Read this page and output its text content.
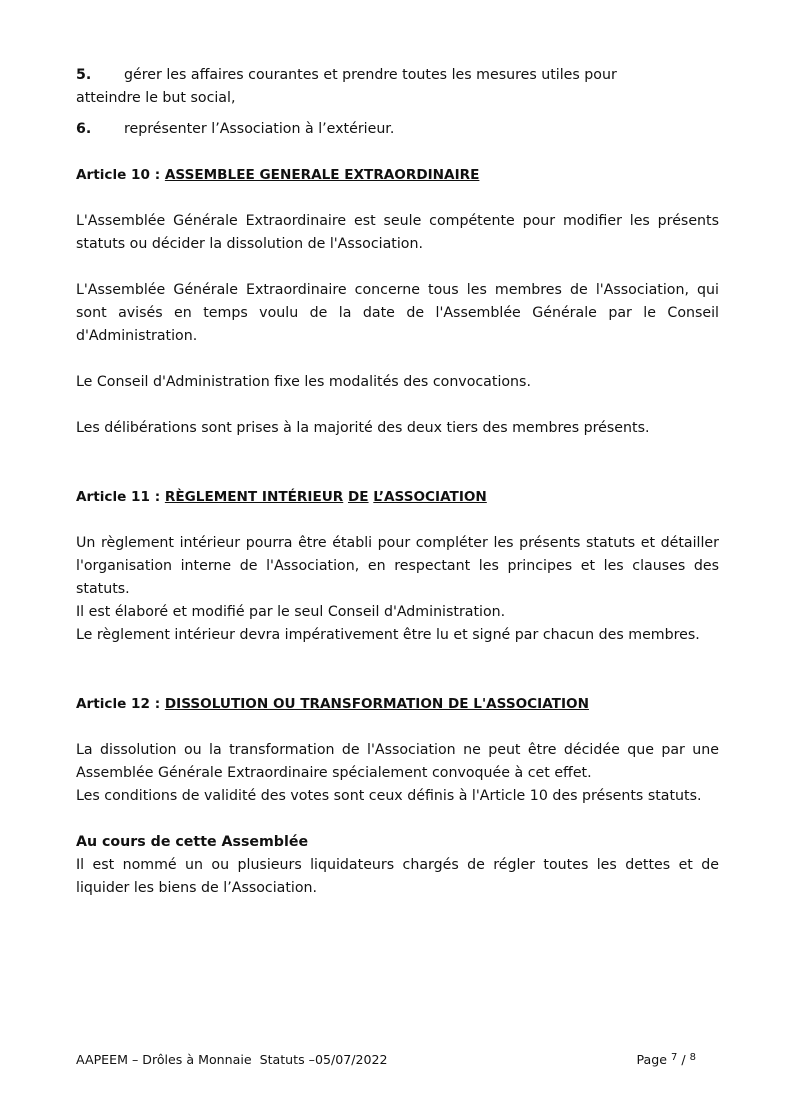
5. gérer les affaires courantes et prendre toutes les mesures utiles pour
atteindre le but social,

6. représenter l’Association à l’extérieur.

Article 10 : ASSEMBLEE GENERALE EXTRAORDINAIRE

L'Assemblée Générale Extraordinaire est seule compétente pour modifier les présents statuts ou décider la dissolution de l'Association.

L'Assemblée Générale Extraordinaire concerne tous les membres de l'Association, qui sont avisés en temps voulu de la date de l'Assemblée Générale par le Conseil d'Administration.

Le Conseil d'Administration fixe les modalités des convocations.

Les délibérations sont prises à la majorité des deux tiers des membres présents.

Article 11 : RÈGLEMENT INTÉRIEUR DE L’ASSOCIATION

Un règlement intérieur pourra être établi pour compléter les présents statuts et détailler l'organisation interne de l'Association, en respectant les principes et les clauses des statuts.

Il est élaboré et modifié par le seul Conseil d'Administration.

Le règlement intérieur devra impérativement être lu et signé par chacun des membres.

Article 12 : DISSOLUTION OU TRANSFORMATION DE L'ASSOCIATION

La dissolution ou la transformation de l'Association ne peut être décidée que par une Assemblée Générale Extraordinaire spécialement convoquée à cet effet.

Les conditions de validité des votes sont ceux définis à l'Article 10 des présents statuts.

Au cours de cette Assemblée

Il est nommé un ou plusieurs liquidateurs chargés de régler toutes les dettes et de liquider les biens de l’Association.

AAPEEM – Drôles à Monnaie  Statuts –05/07/2022	Page $^7$ / $^8$
